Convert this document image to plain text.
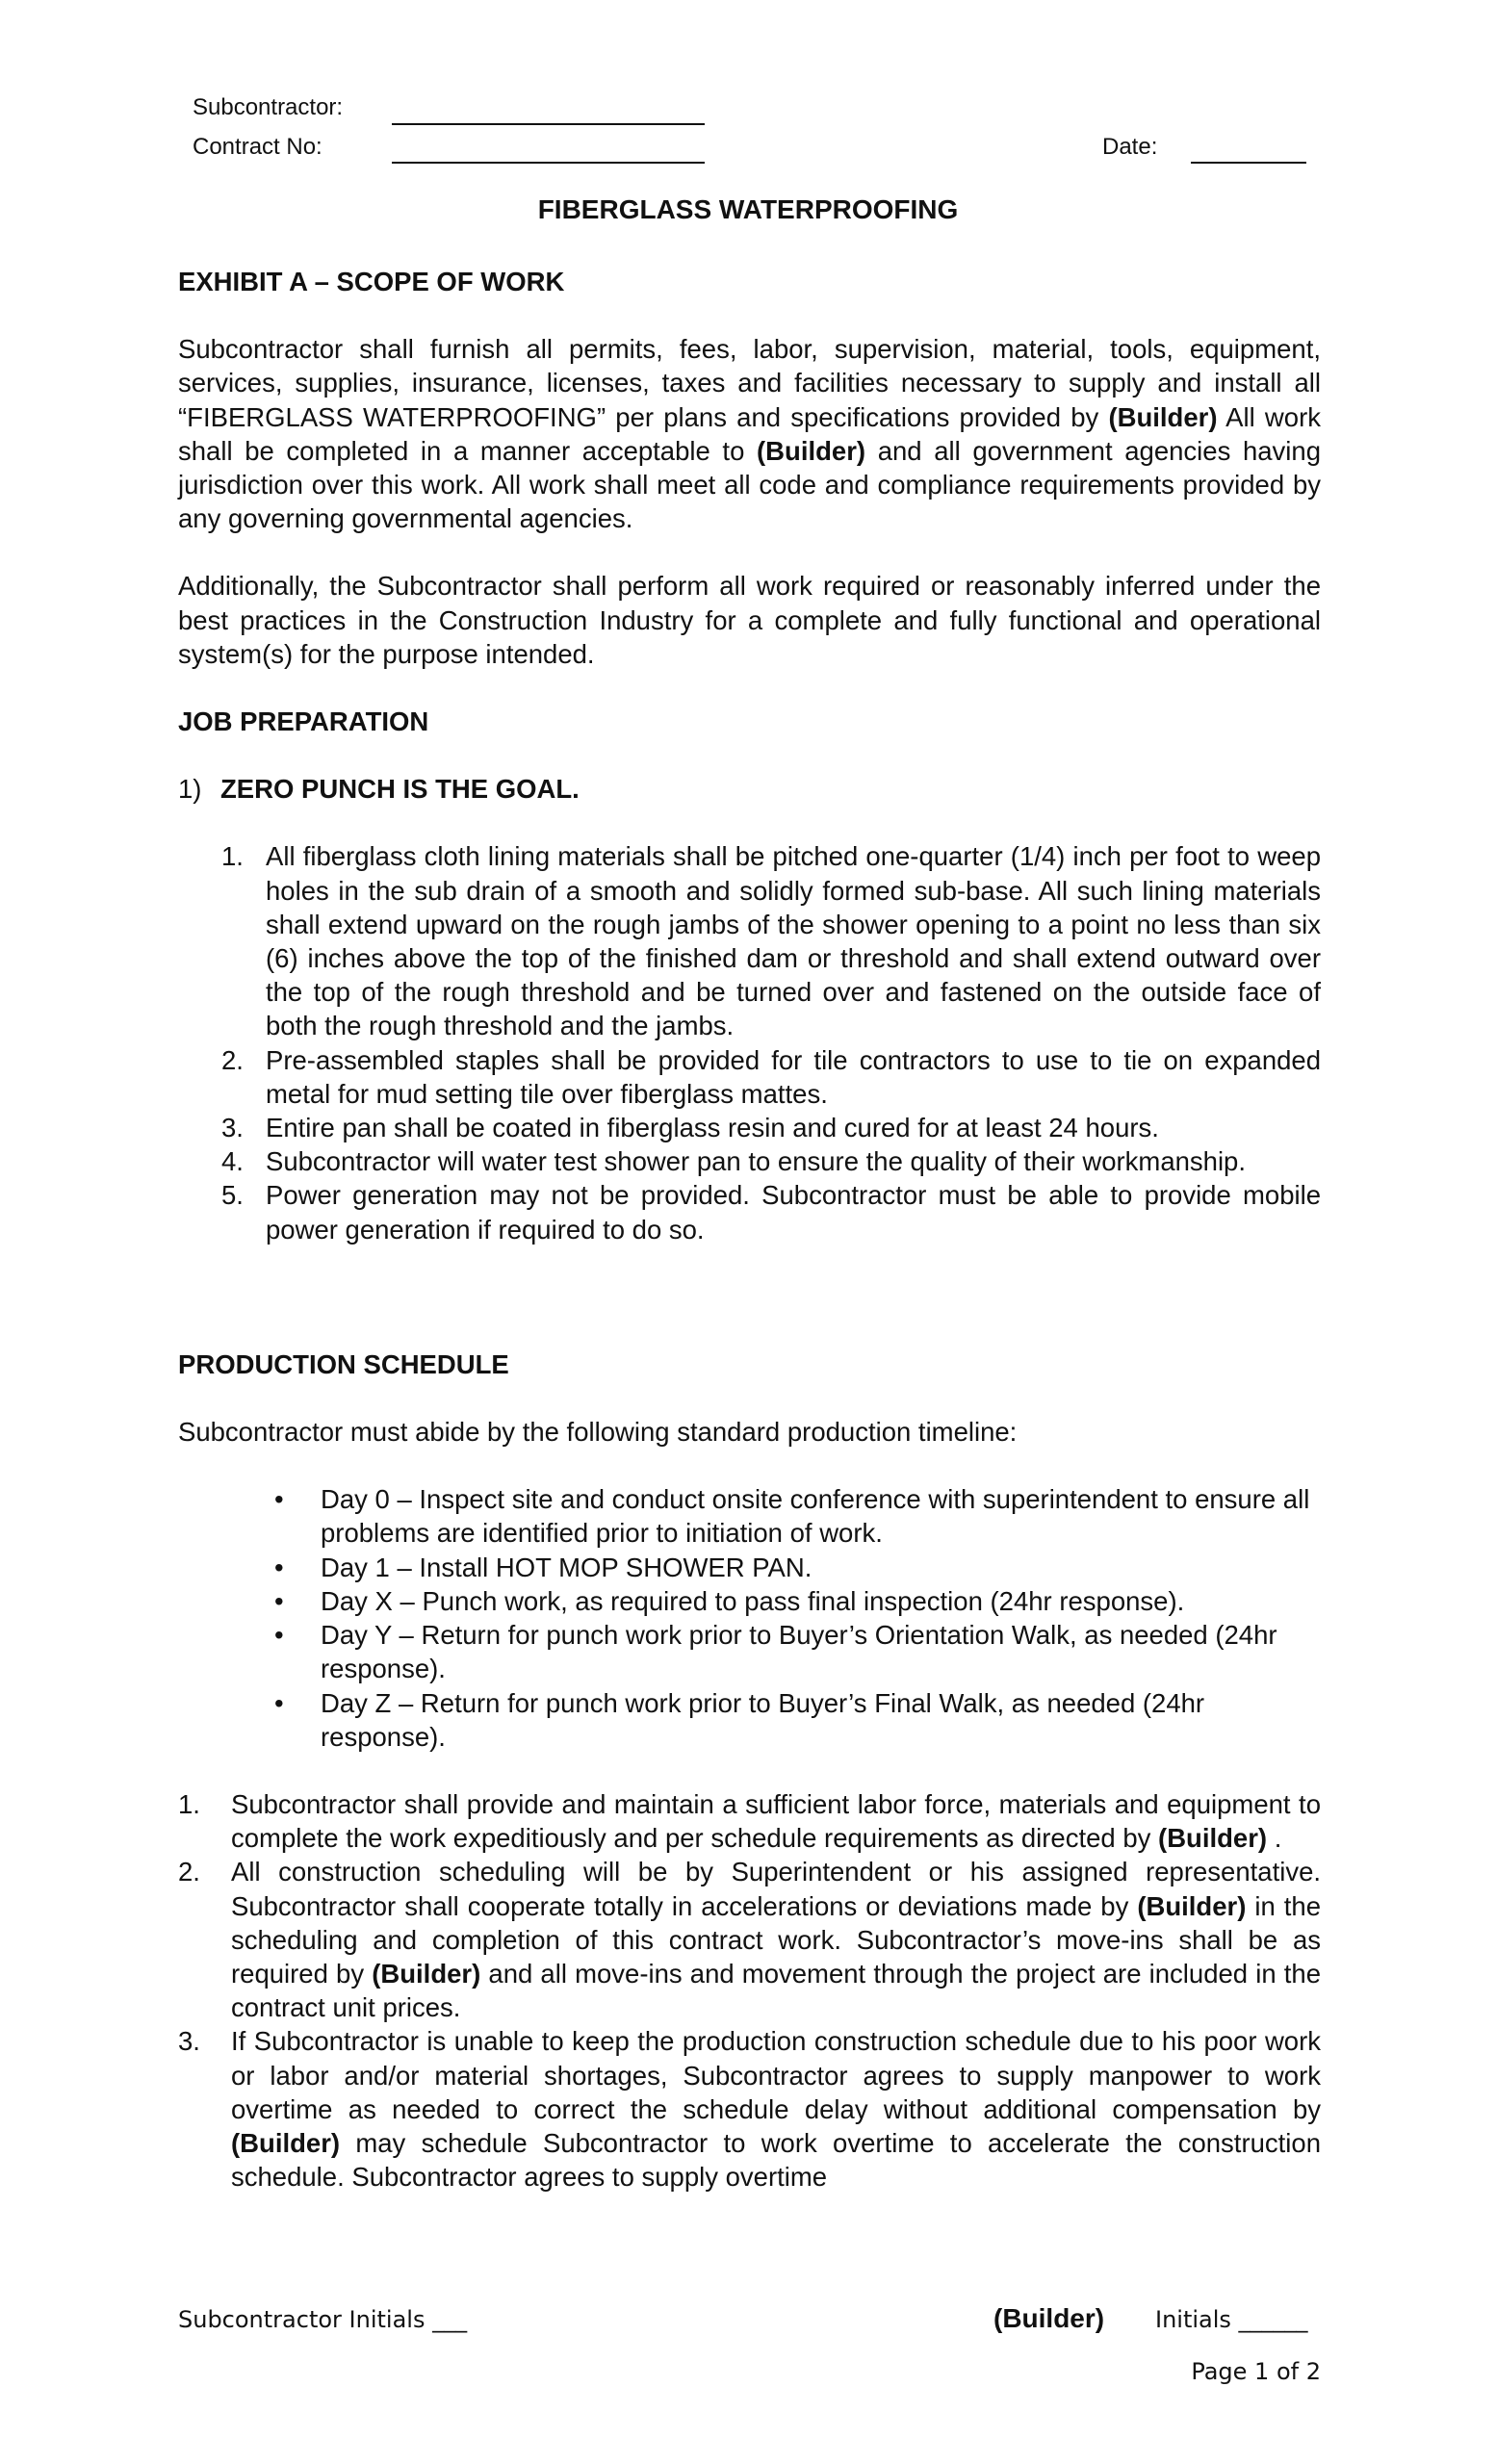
Subcontractor:
Contract No:	Date:
FIBERGLASS WATERPROOFING

EXHIBIT A – SCOPE OF WORK

Subcontractor shall furnish all permits, fees, labor, supervision, material, tools, equipment, services, supplies, insurance, licenses, taxes and facilities necessary to supply and install all “FIBERGLASS WATERPROOFING” per plans and specifications provided by (Builder) All work shall be completed in a manner acceptable to (Builder) and all government agencies having jurisdiction over this work. All work shall meet all code and compliance requirements provided by any governing governmental agencies.

Additionally, the Subcontractor shall perform all work required or reasonably inferred under the best practices in the Construction Industry for a complete and fully functional and operational system(s) for the purpose intended.

JOB PREPARATION

1) ZERO PUNCH IS THE GOAL.

1. All fiberglass cloth lining materials shall be pitched one-quarter (1/4) inch per foot to weep holes in the sub drain of a smooth and solidly formed sub-base. All such lining materials shall extend upward on the rough jambs of the shower opening to a point no less than six (6) inches above the top of the finished dam or threshold and shall extend outward over the top of the rough threshold and be turned over and fastened on the outside face of both the rough threshold and the jambs.
2. Pre-assembled staples shall be provided for tile contractors to use to tie on expanded metal for mud setting tile over fiberglass mattes.
3. Entire pan shall be coated in fiberglass resin and cured for at least 24 hours.
4. Subcontractor will water test shower pan to ensure the quality of their workmanship.
5. Power generation may not be provided. Subcontractor must be able to provide mobile power generation if required to do so.

PRODUCTION SCHEDULE

Subcontractor must abide by the following standard production timeline:

• Day 0 – Inspect site and conduct onsite conference with superintendent to ensure all problems are identified prior to initiation of work.
• Day 1 – Install HOT MOP SHOWER PAN.
• Day X – Punch work, as required to pass final inspection (24hr response).
• Day Y – Return for punch work prior to Buyer’s Orientation Walk, as needed (24hr response).
• Day Z – Return for punch work prior to Buyer’s Final Walk, as needed (24hr response).
1. Subcontractor shall provide and maintain a sufficient labor force, materials and equipment to complete the work expeditiously and per schedule requirements as directed by (Builder) .
2. All construction scheduling will be by Superintendent or his assigned representative. Subcontractor shall cooperate totally in accelerations or deviations made by (Builder) in the scheduling and completion of this contract work. Subcontractor’s move-ins shall be as required by (Builder) and all move-ins and movement through the project are included in the contract unit prices.
3. If Subcontractor is unable to keep the production construction schedule due to his poor work or labor and/or material shortages, Subcontractor agrees to supply manpower to work overtime as needed to correct the schedule delay without additional compensation by (Builder) may schedule Subcontractor to work overtime to accelerate the construction schedule. Subcontractor agrees to supply overtime
Subcontractor Initials ___	(Builder) Initials ______
Page 1 of 2
